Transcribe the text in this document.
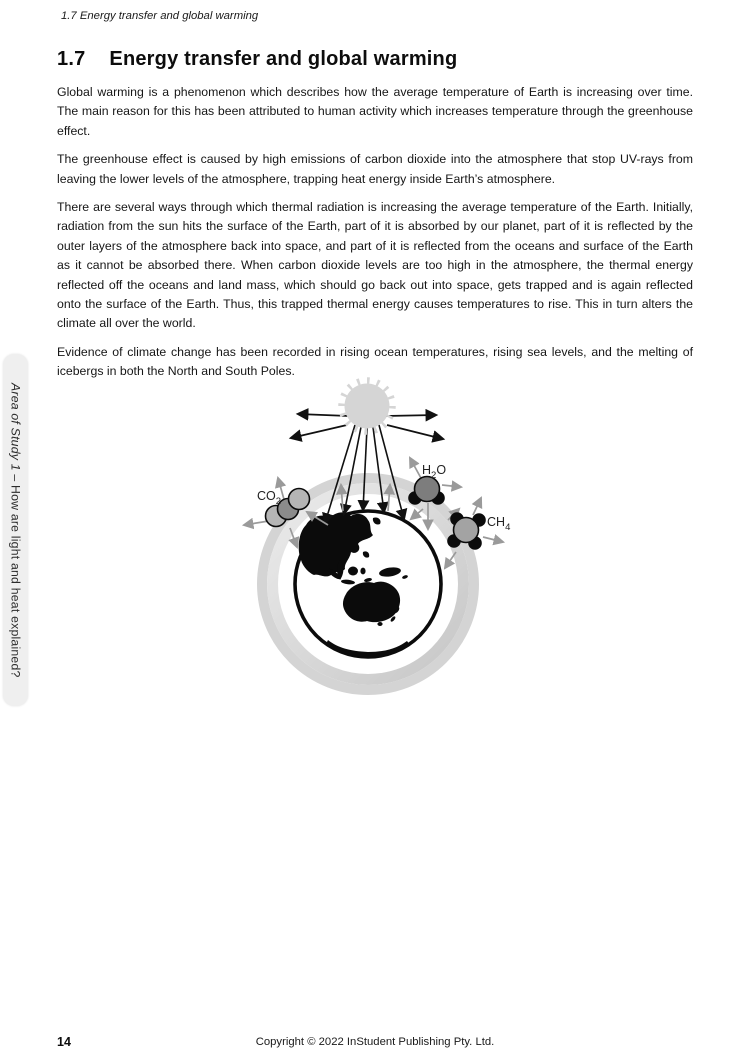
1.7 Energy transfer and global warming
1.7 Energy transfer and global warming

Global warming is a phenomenon which describes how the average temperature of Earth is increasing over time. The main reason for this has been attributed to human activity which increases temperature through the greenhouse effect.

The greenhouse effect is caused by high emissions of carbon dioxide into the atmosphere that stop UV-rays from leaving the lower levels of the atmosphere, trapping heat energy inside Earth’s atmosphere.

There are several ways through which thermal radiation is increasing the average temperature of the Earth. Initially, radiation from the sun hits the surface of the Earth, part of it is absorbed by our planet, part of it is reflected by the outer layers of the atmosphere back into space, and part of it is reflected from the oceans and surface of the Earth as it cannot be absorbed there. When carbon dioxide levels are too high in the atmosphere, the thermal energy reflected off the oceans and land mass, which should go back out into space, gets trapped and is again reflected onto the surface of the Earth. Thus, this trapped thermal energy causes temperatures to rise. This in turn alters the climate all over the world.

Evidence of climate change has been recorded in rising ocean temperatures, rising sea levels, and the melting of icebergs in both the North and South Poles.

Area of Study 1 –How are light and heat explained?	$CO_2$
$H_2O$
$CH_4$
14	Copyright © 2022 InStudent Publishing Pty. Ltd.
